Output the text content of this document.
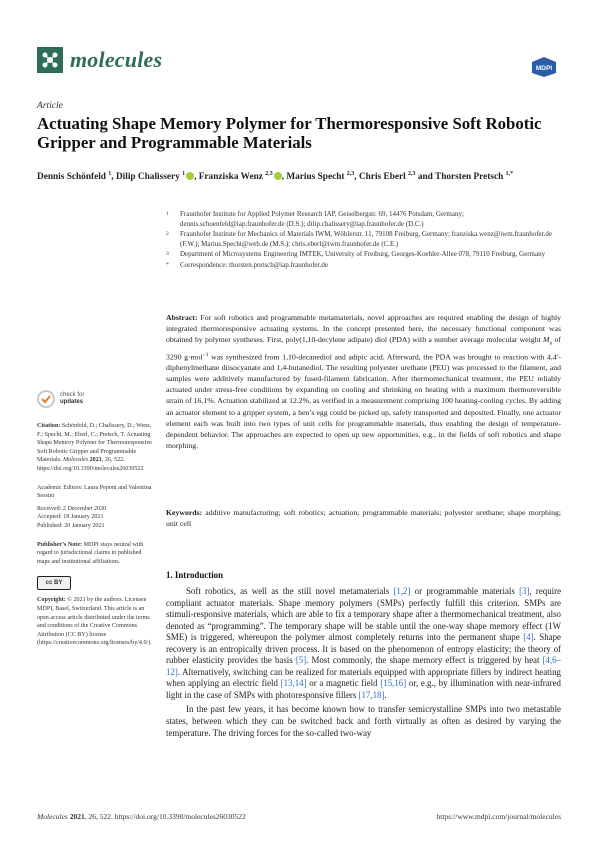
molecules	MDPI
Article
Actuating Shape Memory Polymer for Thermoresponsive Soft Robotic Gripper and Programmable Materials
Dennis Schönfeld $^1$, Dilip Chalissery $^1$ , Franziska Wenz $^{2,3}$ , Marius Specht $^{2,3}$, Chris Eberl $^{2,3}$ and Thorsten Pretsch $^{1,*}$
1	Fraunhofer Institute for Applied Polymer Research IAP, Geiselbergstr. 69, 14476 Potsdam, Germany; dennis.schoenfeld@iap.fraunhofer.de (D.S.); dilip.chalissery@iap.fraunhofer.de (D.C.)
2	Fraunhofer Institute for Mechanics of Materials IWM, Wöhlerstr. 11, 79108 Freiburg, Germany; franziska.wenz@iwm.fraunhofer.de (F.W.); Marius.Specht@web.de (M.S.); chris.eberl@iwm.fraunhofer.de (C.E.)
3	Department of Microsystems Engineering IMTEK, University of Freiburg, Georges-Koehler-Allee 078, 79110 Freiburg, Germany
*	Correspondence: thorsten.pretsch@iap.fraunhofer.de
Abstract: For soft robotics and programmable metamaterials, novel approaches are required enabling the design of highly integrated thermoresponsive actuating systems. In the concept presented here, the necessary functional component was obtained by polymer syntheses. First, poly(1,10-decylene adipate) diol (PDA) with a number average molecular weight $M_n$ of 3290 g·mol$^{-1}$ was synthesized from 1,10-decanediol and adipic acid. Afterward, the PDA was brought to reaction with 4,4′-diphenylmethane diisocyanate and 1,4-butanediol. The resulting polyester urethane (PEU) was processed to the filament, and samples were additively manufactured by fused-filament fabrication. After thermomechanical treatment, the PEU reliably actuated under stress-free conditions by expanding on cooling and shrinking on heating with a maximum thermoreversible strain of 16.1%. Actuation stabilized at 12.2%, as verified in a measurement comprising 100 heating-cooling cycles. By adding an actuator element to a gripper system, a hen’s egg could be picked up, safely transported and deposited. Finally, one actuator element each was built into two types of unit cells for programmable materials, thus enabling the design of temperature-dependent behavior. The approaches are expected to open up new opportunities, e.g., in the fields of soft robotics and shape morphing.
Keywords: additive manufacturing; soft robotics; actuation; programmable materials; polyester urethane; shape morphing; unit cell
check for
updates
Citation: Schönfeld, D.; Chalissery, D.; Wenz, F.; Specht, M.; Eberl, C.; Pretsch, T. Actuating Shape Memory Polymer for Thermoresponsive Soft Robotic Gripper and Programmable Materials. Molecules 2021, 26, 522. https://doi.org/10.3390/molecules26030522
Academic Editors: Laura Peponi and Valentina Sessini
Received: 2 December 2020
Accepted: 18 January 2021
Published: 20 January 2021
Publisher’s Note: MDPI stays neutral with regard to jurisdictional claims in published maps and institutional affiliations.
cc BY
Copyright: © 2021 by the authors. Licensee MDPI, Basel, Switzerland. This article is an open access article distributed under the terms and conditions of the Creative Commons Attribution (CC BY) license (https://creativecommons.org/licenses/by/4.0/).
1. Introduction

Soft robotics, as well as the still novel metamaterials [1,2] or programmable materials [3], require compliant actuator materials. Shape memory polymers (SMPs) perfectly fulfill this criterion. SMPs are stimuli-responsive materials, which are able to fix a temporary shape after a thermomechanical treatment, also denoted as “programming”. The temporary shape will be stable until the one-way shape memory effect (1W SME) is triggered, whereupon the polymer almost completely returns into the permanent shape [4]. Shape recovery is an entropically driven process. It is based on the phenomenon of entropy elasticity; the theory of rubber elasticity provides the basis [5]. Most commonly, the shape memory effect is triggered by heat [4,6–12]. Alternatively, switching can be realized for materials equipped with appropriate fillers by indirect heating when applying an electric field [13,14] or a magnetic field [15,16] or, e.g., by illumination with near-infrared light in the case of SMPs with photoresponsive fillers [17,18].

In the past few years, it has become known how to transfer semicrystalline SMPs into two metastable states, between which they can be switched back and forth virtually as often as desired by varying the temperature. The driving forces for the so-called two-way

Molecules 2021, 26, 522. https://doi.org/10.3390/molecules26030522	https://www.mdpi.com/journal/molecules
